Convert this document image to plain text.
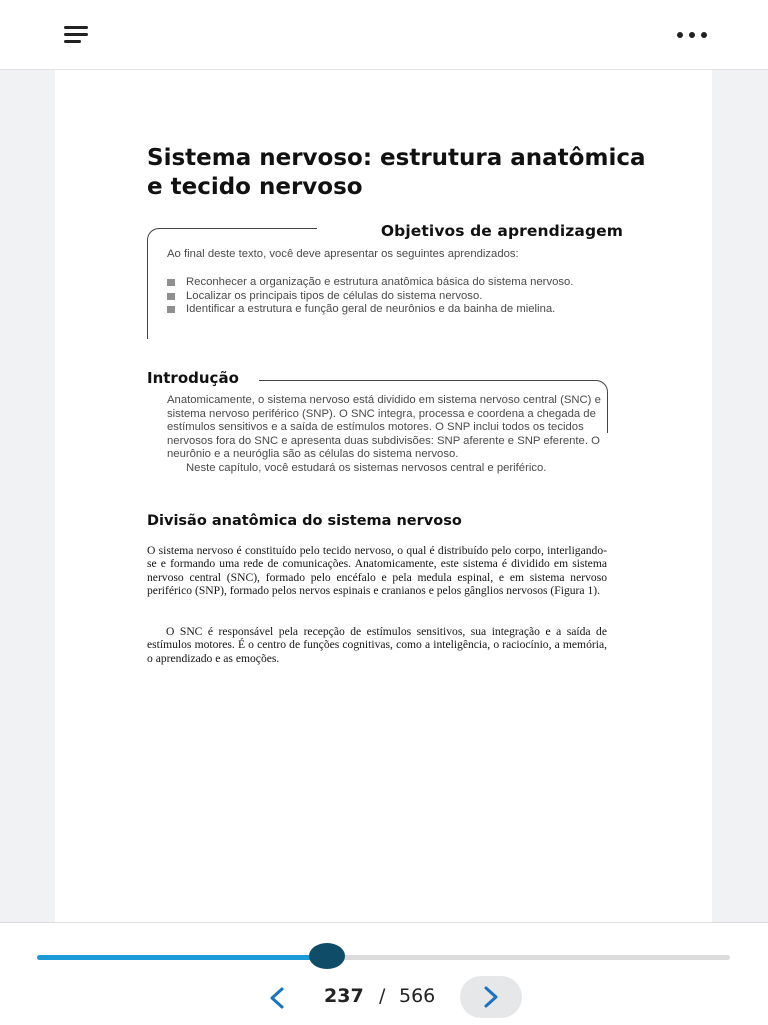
Sistema nervoso: estrutura anatômica e tecido nervoso
Objetivos de aprendizagem
Ao final deste texto, você deve apresentar os seguintes aprendizados:
Reconhecer a organização e estrutura anatômica básica do sistema nervoso.
Localizar os principais tipos de células do sistema nervoso.
Identificar a estrutura e função geral de neurônios e da bainha de mielina.
Introdução
Anatomicamente, o sistema nervoso está dividido em sistema nervoso central (SNC) e sistema nervoso periférico (SNP). O SNC integra, processa e coordena a chegada de estímulos sensitivos e a saída de estímulos motores. O SNP inclui todos os tecidos nervosos fora do SNC e apresenta duas subdivisões: SNP aferente e SNP eferente. O neurônio e a neuróglia são as células do sistema nervoso.
Neste capítulo, você estudará os sistemas nervosos central e periférico.
Divisão anatômica do sistema nervoso

O sistema nervoso é constituído pelo tecido nervoso, o qual é distribuído pelo corpo, interligando-se e formando uma rede de comunicações. Anatomicamente, este sistema é dividido em sistema nervoso central (SNC), formado pelo encéfalo e pela medula espinal, e em sistema nervoso periférico (SNP), formado pelos nervos espinais e cranianos e pelos gânglios nervosos (Figura 1).

O SNC é responsável pela recepção de estímulos sensitivos, sua integração e a saída de estímulos motores. É o centro de funções cognitivas, como a inteligência, o raciocínio, a memória, o aprendizado e as emoções.

237 / 566
